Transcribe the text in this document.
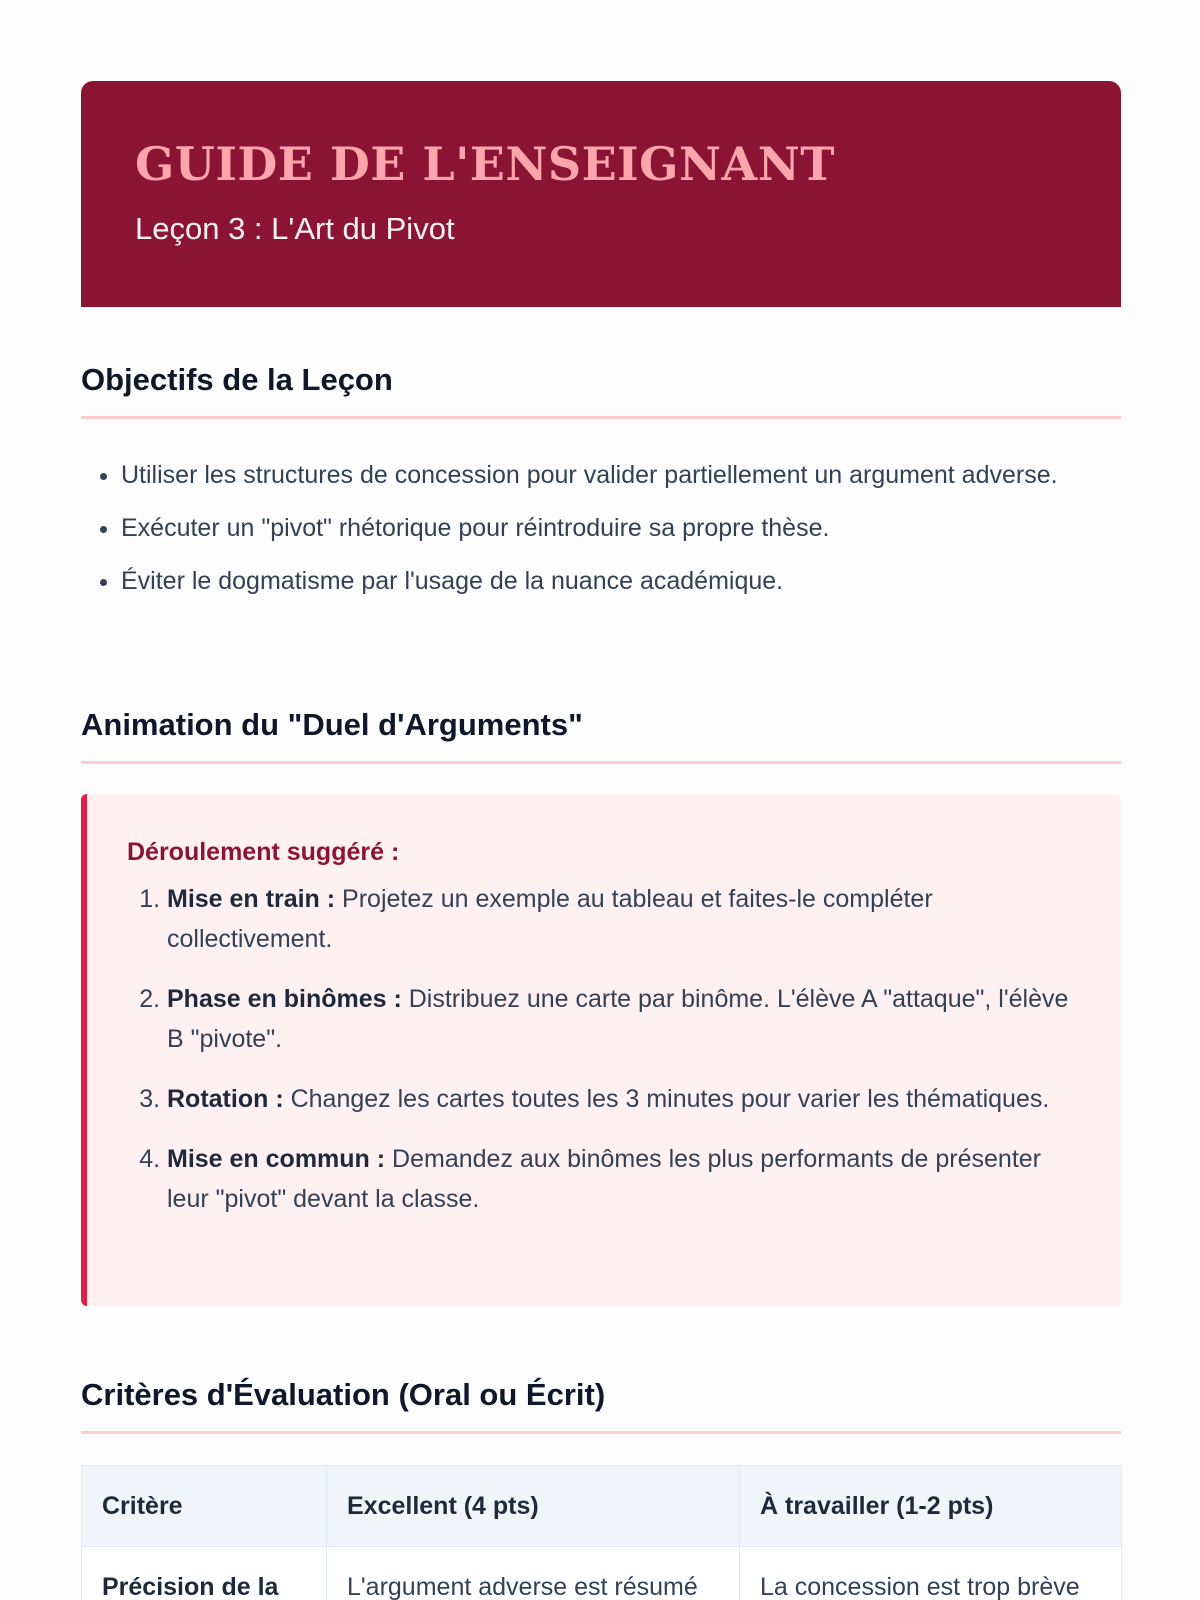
GUIDE DE L'ENSEIGNANT
Leçon 3 : L'Art du Pivot
Objectifs de la Leçon
• Utiliser les structures de concession pour valider partiellement un argument adverse.
• Exécuter un "pivot" rhétorique pour réintroduire sa propre thèse.
• Éviter le dogmatisme par l'usage de la nuance académique.
Animation du "Duel d'Arguments"
Déroulement suggéré :
1. Mise en train : Projetez un exemple au tableau et faites-le compléter collectivement.
2. Phase en binômes : Distribuez une carte par binôme. L'élève A "attaque", l'élève B "pivote".
3. Rotation : Changez les cartes toutes les 3 minutes pour varier les thématiques.
4. Mise en commun : Demandez aux binômes les plus performants de présenter leur "pivot" devant la classe.
Critères d'Évaluation (Oral ou Écrit)
Critère	Excellent (4 pts)	À travailler (1-2 pts)
Précision de la	L'argument adverse est résumé	La concession est trop brève
